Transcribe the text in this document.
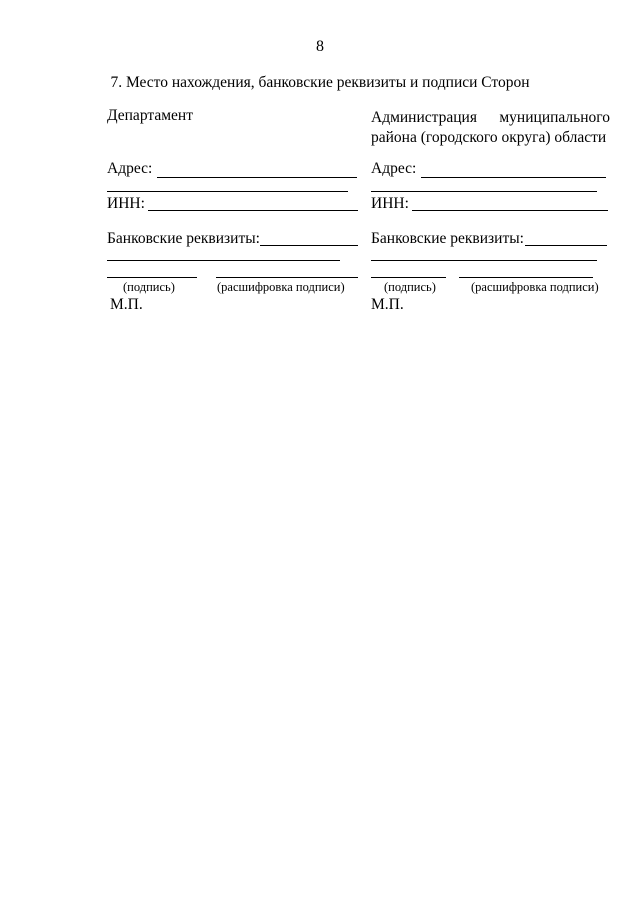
8
7. Место нахождения, банковские реквизиты и подписи Сторон
Департамент
Адрес:
ИНН:
Банковские реквизиты:
(подпись)	(расшифровка подписи)
М.П.
Администрация муниципального
района (городского округа) области
Адрес:
ИНН:
Банковские реквизиты:
(подпись)	(расшифровка подписи)
М.П.
